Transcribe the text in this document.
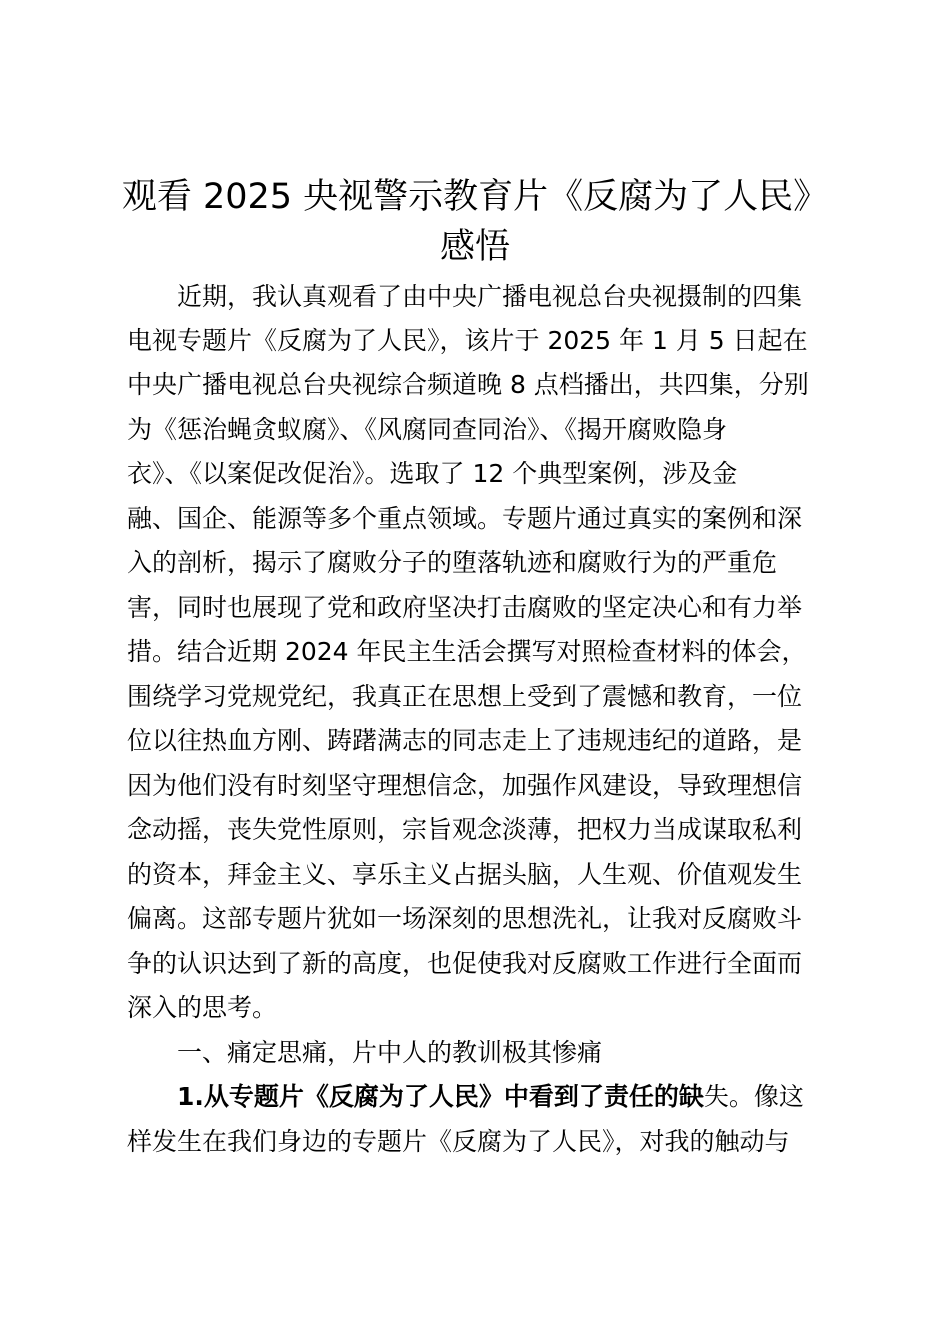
观看 2025 央视警示教育片《反腐为了人民》
感悟
　　近期，我认真观看了由中央广播电视总台央视摄制的四集
电视专题片《反腐为了人民》，该片于 2025 年 1 月 5 日起在
中央广播电视总台央视综合频道晚 8 点档播出，共四集，分别
为《惩治蝇贪蚁腐》、《风腐同查同治》、《揭开腐败隐身
衣》、《以案促改促治》。选取了 12 个典型案例，涉及金
融、国企、能源等多个重点领域。专题片通过真实的案例和深
入的剖析，揭示了腐败分子的堕落轨迹和腐败行为的严重危
害，同时也展现了党和政府坚决打击腐败的坚定决心和有力举
措。结合近期 2024 年民主生活会撰写对照检查材料的体会，
围绕学习党规党纪，我真正在思想上受到了震憾和教育，一位
位以往热血方刚、踌躇满志的同志走上了违规违纪的道路，是
因为他们没有时刻坚守理想信念，加强作风建设，导致理想信
念动摇，丧失党性原则，宗旨观念淡薄，把权力当成谋取私利
的资本，拜金主义、享乐主义占据头脑，人生观、价值观发生
偏离。这部专题片犹如一场深刻的思想洗礼，让我对反腐败斗
争的认识达到了新的高度，也促使我对反腐败工作进行全面而
深入的思考。
　　一、痛定思痛，片中人的教训极其惨痛
　　1.从专题片《反腐为了人民》中看到了责任的缺失。像这
样发生在我们身边的专题片《反腐为了人民》，对我的触动与
